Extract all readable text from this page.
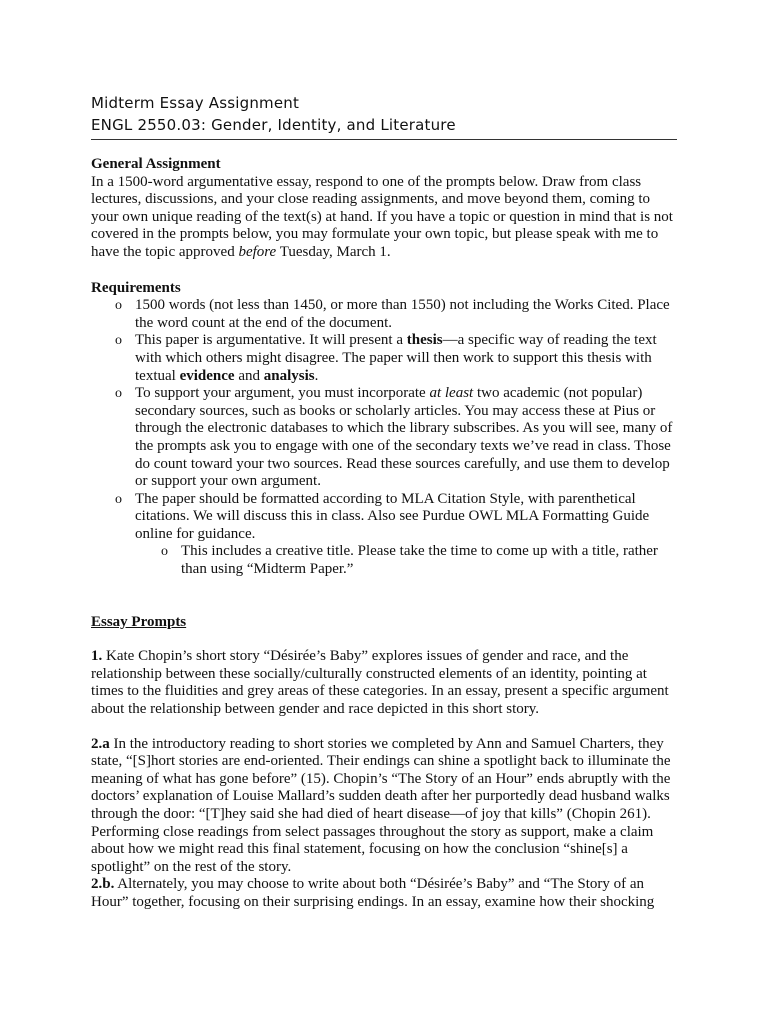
Midterm Essay Assignment
ENGL 2550.03: Gender, Identity, and Literature

General Assignment

In a 1500-word argumentative essay, respond to one of the prompts below. Draw from class lectures, discussions, and your close reading assignments, and move beyond them, coming to your own unique reading of the text(s) at hand. If you have a topic or question in mind that is not covered in the prompts below, you may formulate your own topic, but please speak with me to have the topic approved before Tuesday, March 1.

Requirements

o 1500 words (not less than 1450, or more than 1550) not including the Works Cited. Place the word count at the end of the document.
o This paper is argumentative. It will present a thesis—a specific way of reading the text with which others might disagree. The paper will then work to support this thesis with textual evidence and analysis.
o To support your argument, you must incorporate at least two academic (not popular) secondary sources, such as books or scholarly articles. You may access these at Pius or through the electronic databases to which the library subscribes. As you will see, many of the prompts ask you to engage with one of the secondary texts we’ve read in class. Those do count toward your two sources. Read these sources carefully, and use them to develop or support your own argument.
o The paper should be formatted according to MLA Citation Style, with parenthetical citations. We will discuss this in class. Also see Purdue OWL MLA Formatting Guide online for guidance.
o This includes a creative title. Please take the time to come up with a title, rather than using “Midterm Paper.”

Essay Prompts

1. Kate Chopin’s short story “Désirée’s Baby” explores issues of gender and race, and the relationship between these socially/culturally constructed elements of an identity, pointing at times to the fluidities and grey areas of these categories. In an essay, present a specific argument about the relationship between gender and race depicted in this short story.

2.a In the introductory reading to short stories we completed by Ann and Samuel Charters, they state, “[S]hort stories are end-oriented. Their endings can shine a spotlight back to illuminate the meaning of what has gone before” (15). Chopin’s “The Story of an Hour” ends abruptly with the doctors’ explanation of Louise Mallard’s sudden death after her purportedly dead husband walks through the door: “[T]hey said she had died of heart disease—of joy that kills” (Chopin 261). Performing close readings from select passages throughout the story as support, make a claim about how we might read this final statement, focusing on how the conclusion “shine[s] a spotlight” on the rest of the story.

2.b. Alternately, you may choose to write about both “Désirée’s Baby” and “The Story of an Hour” together, focusing on their surprising endings. In an essay, examine how their shocking
